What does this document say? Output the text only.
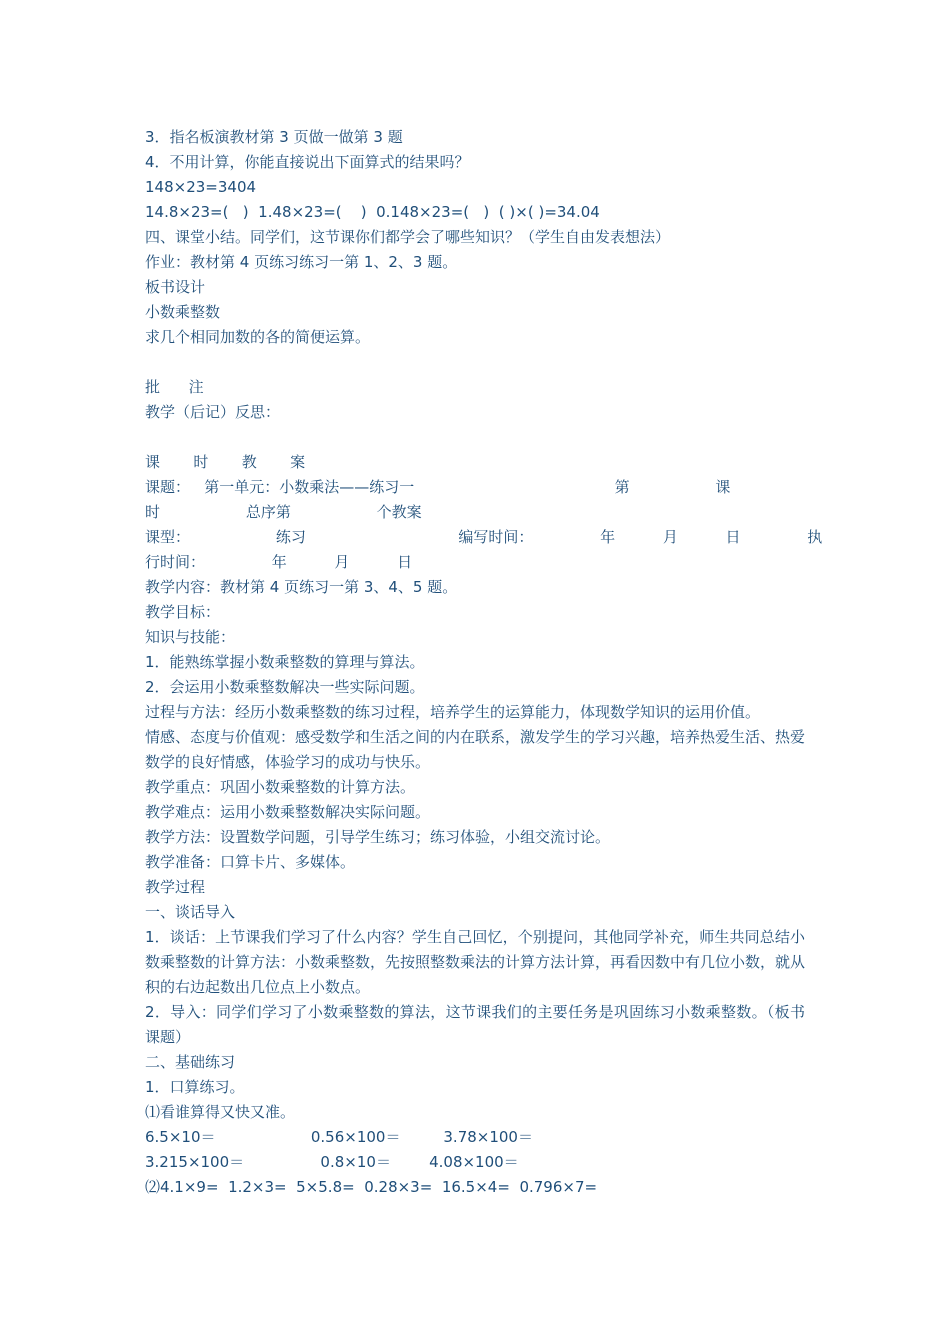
3．指名板演教材第 3 页做一做第 3 题
4．不用计算，你能直接说出下面算式的结果吗？
148×23=3404
14.8×23=(   )  1.48×23=(    )  0.148×23=(   )  ( )×( )=34.04
四、课堂小结。同学们，这节课你们都学会了哪些知识？（学生自由发表想法）
作业：教材第 4 页练习练习一第 1、2、3 题。
板书设计
小数乘整数
求几个相同加数的各的简便运算。
批      注
教学（后记）反思：
课       时       教       案
课题：   第一单元：小数乘法——练习一                                          第                  课
时                  总序第                  个教案
课型：                  练习                                编写时间：              年          月          日              执
行时间：              年          月          日
教学内容：教材第 4 页练习一第 3、4、5 题。
教学目标：
知识与技能：
1．能熟练掌握小数乘整数的算理与算法。
2．会运用小数乘整数解决一些实际问题。
过程与方法：经历小数乘整数的练习过程，培养学生的运算能力，体现数学知识的运用价值。
情感、态度与价值观：感受数学和生活之间的内在联系，激发学生的学习兴趣，培养热爱生活、热爱数学的良好情感，体验学习的成功与快乐。
教学重点：巩固小数乘整数的计算方法。
教学难点：运用小数乘整数解决实际问题。
教学方法：设置数学问题，引导学生练习；练习体验，小组交流讨论。
教学准备：口算卡片、多媒体。
教学过程
一、谈话导入
1．谈话：上节课我们学习了什么内容？学生自己回忆，个别提问，其他同学补充，师生共同总结小数乘整数的计算方法：小数乘整数，先按照整数乘法的计算方法计算，再看因数中有几位小数，就从积的右边起数出几位点上小数点。
2．导入：同学们学习了小数乘整数的算法，这节课我们的主要任务是巩固练习小数乘整数。（板书课题）
二、基础练习
1．口算练习。
⑴看谁算得又快又准。
6.5×10＝                    0.56×100＝         3.78×100＝
3.215×100＝                0.8×10＝        4.08×100＝
⑵4.1×9=  1.2×3=  5×5.8=  0.28×3=  16.5×4=  0.796×7=
